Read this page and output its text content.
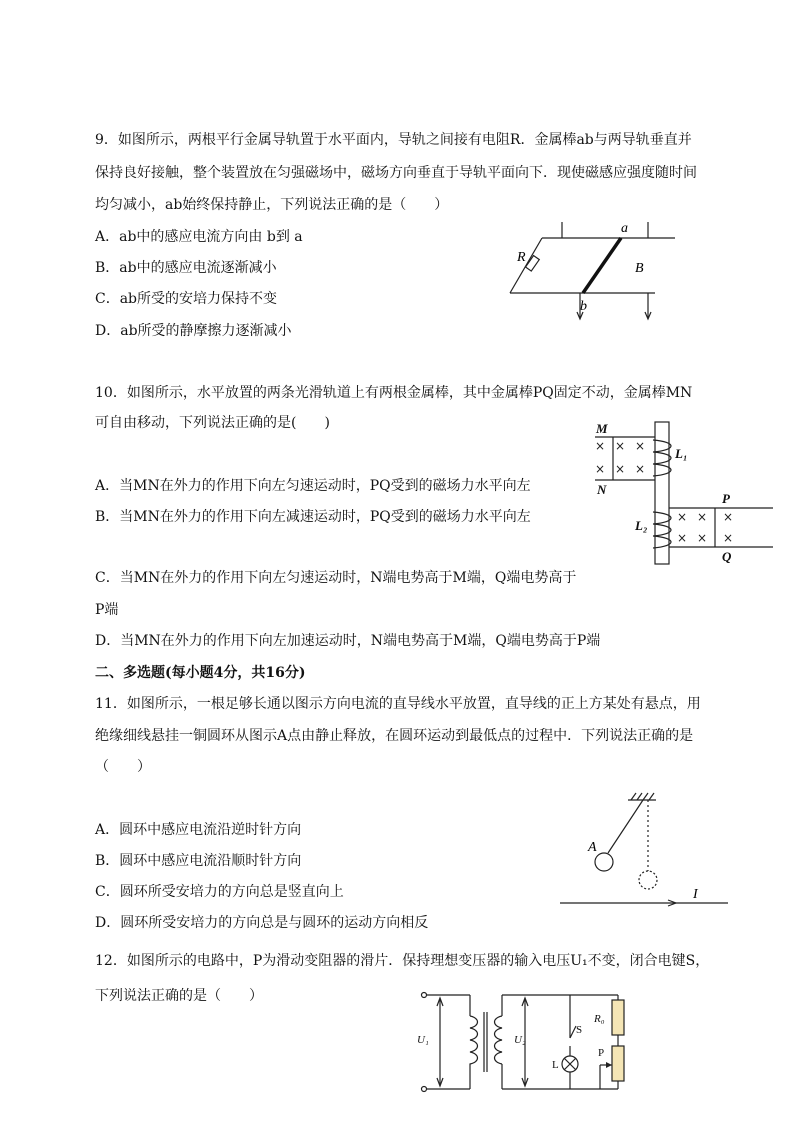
9．如图所示，两根平行金属导轨置于水平面内，导轨之间接有电阻R．金属棒ab与两导轨垂直并
保持良好接触，整个装置放在匀强磁场中，磁场方向垂直于导轨平面向下．现使磁感应强度随时间
均匀减小，ab始终保持静止，下列说法正确的是（　　）
A．ab中的感应电流方向由 b到 a
B．ab中的感应电流逐渐减小
C．ab所受的安培力保持不变
D．ab所受的静摩擦力逐渐减小
a
b
R
B
10．如图所示，水平放置的两条光滑轨道上有两根金属棒，其中金属棒PQ固定不动，金属棒MN
可自由移动，下列说法正确的是(　　)
A．当MN在外力的作用下向左匀速运动时，PQ受到的磁场力水平向左
B．当MN在外力的作用下向左减速运动时，PQ受到的磁场力水平向左
C．当MN在外力的作用下向左匀速运动时，N端电势高于M端，Q端电势高于
P端
D．当MN在外力的作用下向左加速运动时，N端电势高于M端，Q端电势高于P端
× × ×
× × ×
× × ×
× × ×
M
N
P
Q
L₁
L₂
二、多选题(每小题4分，共16分)
11．如图所示，一根足够长通以图示方向电流的直导线水平放置，直导线的正上方某处有悬点，用
绝缘细线悬挂一铜圆环从图示A点由静止释放，在圆环运动到最低点的过程中．下列说法正确的是
（　　）
A．圆环中感应电流沿逆时针方向
B．圆环中感应电流沿顺时针方向
C．圆环所受安培力的方向总是竖直向上
D．圆环所受安培力的方向总是与圆环的运动方向相反
A
I
12．如图所示的电路中，P为滑动变阻器的滑片．保持理想变压器的输入电压U₁不变，闭合电键S，
下列说法正确的是（　　）
U₁	U₂
S
R₀
P
L
